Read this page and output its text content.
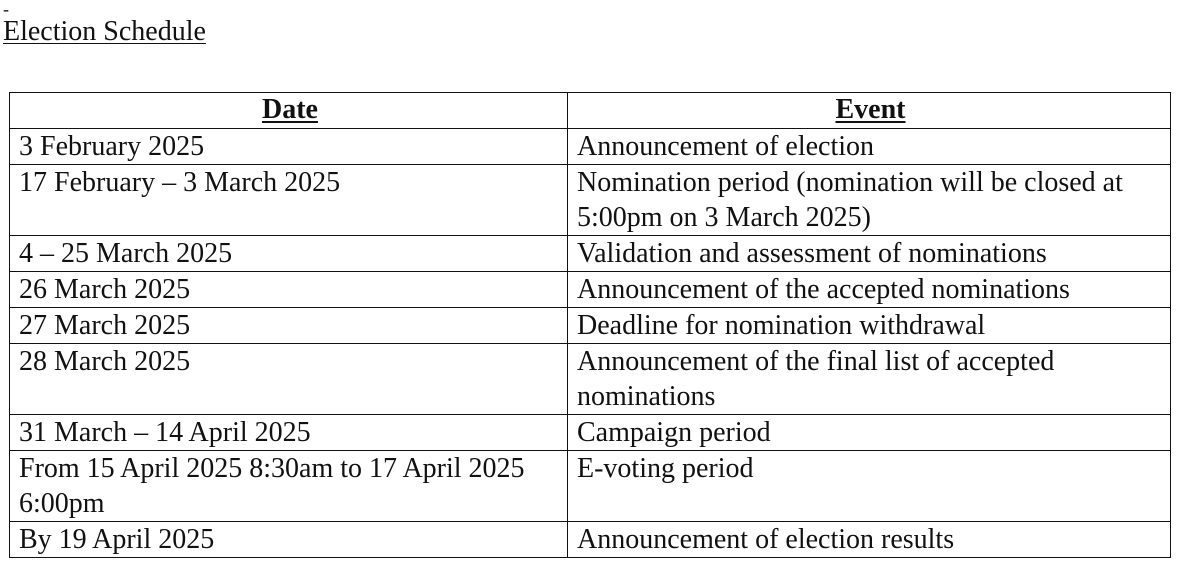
-
Election Schedule
Date	Event
3 February 2025	Announcement of election
17 February – 3 March 2025	Nomination period (nomination will be closed at 5:00pm on 3 March 2025)
4 – 25 March 2025	Validation and assessment of nominations
26 March 2025	Announcement of the accepted nominations
27 March 2025	Deadline for nomination withdrawal
28 March 2025	Announcement of the final list of accepted nominations
31 March – 14 April 2025	Campaign period
From 15 April 2025 8:30am to 17 April 2025 6:00pm	E-voting period
By 19 April 2025	Announcement of election results
